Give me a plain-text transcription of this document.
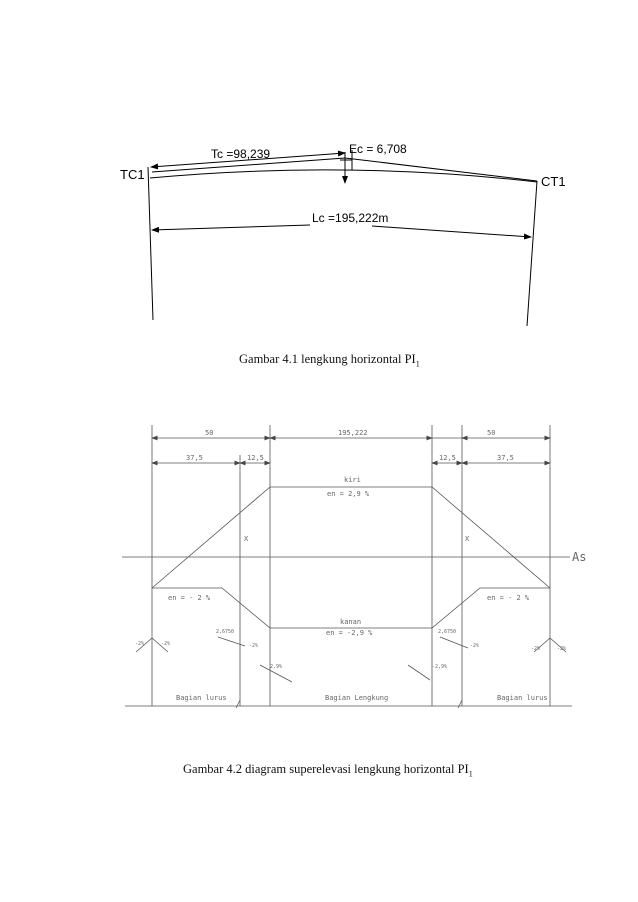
TC1	CT1
Tc =98,239	Ec = 6,708
Lc =195,222m
50	195,222	50
37,5	12,5	12,5	37,5
kiri
en = 2,9 %
X	X
As
en = - 2 %	en = - 2 %
kanan
en = -2,9 %
-2%	-2%
2,6750
-2%
2,9%
2,6750
-2%
-2,9%
-2%	-2%
Bagian lurus	Bagian Lengkung	Bagian lurus
Gambar 4.1 lengkung horizontal $PI_1$
Gambar 4.2 diagram superelevasi lengkung horizontal $PI_1$
